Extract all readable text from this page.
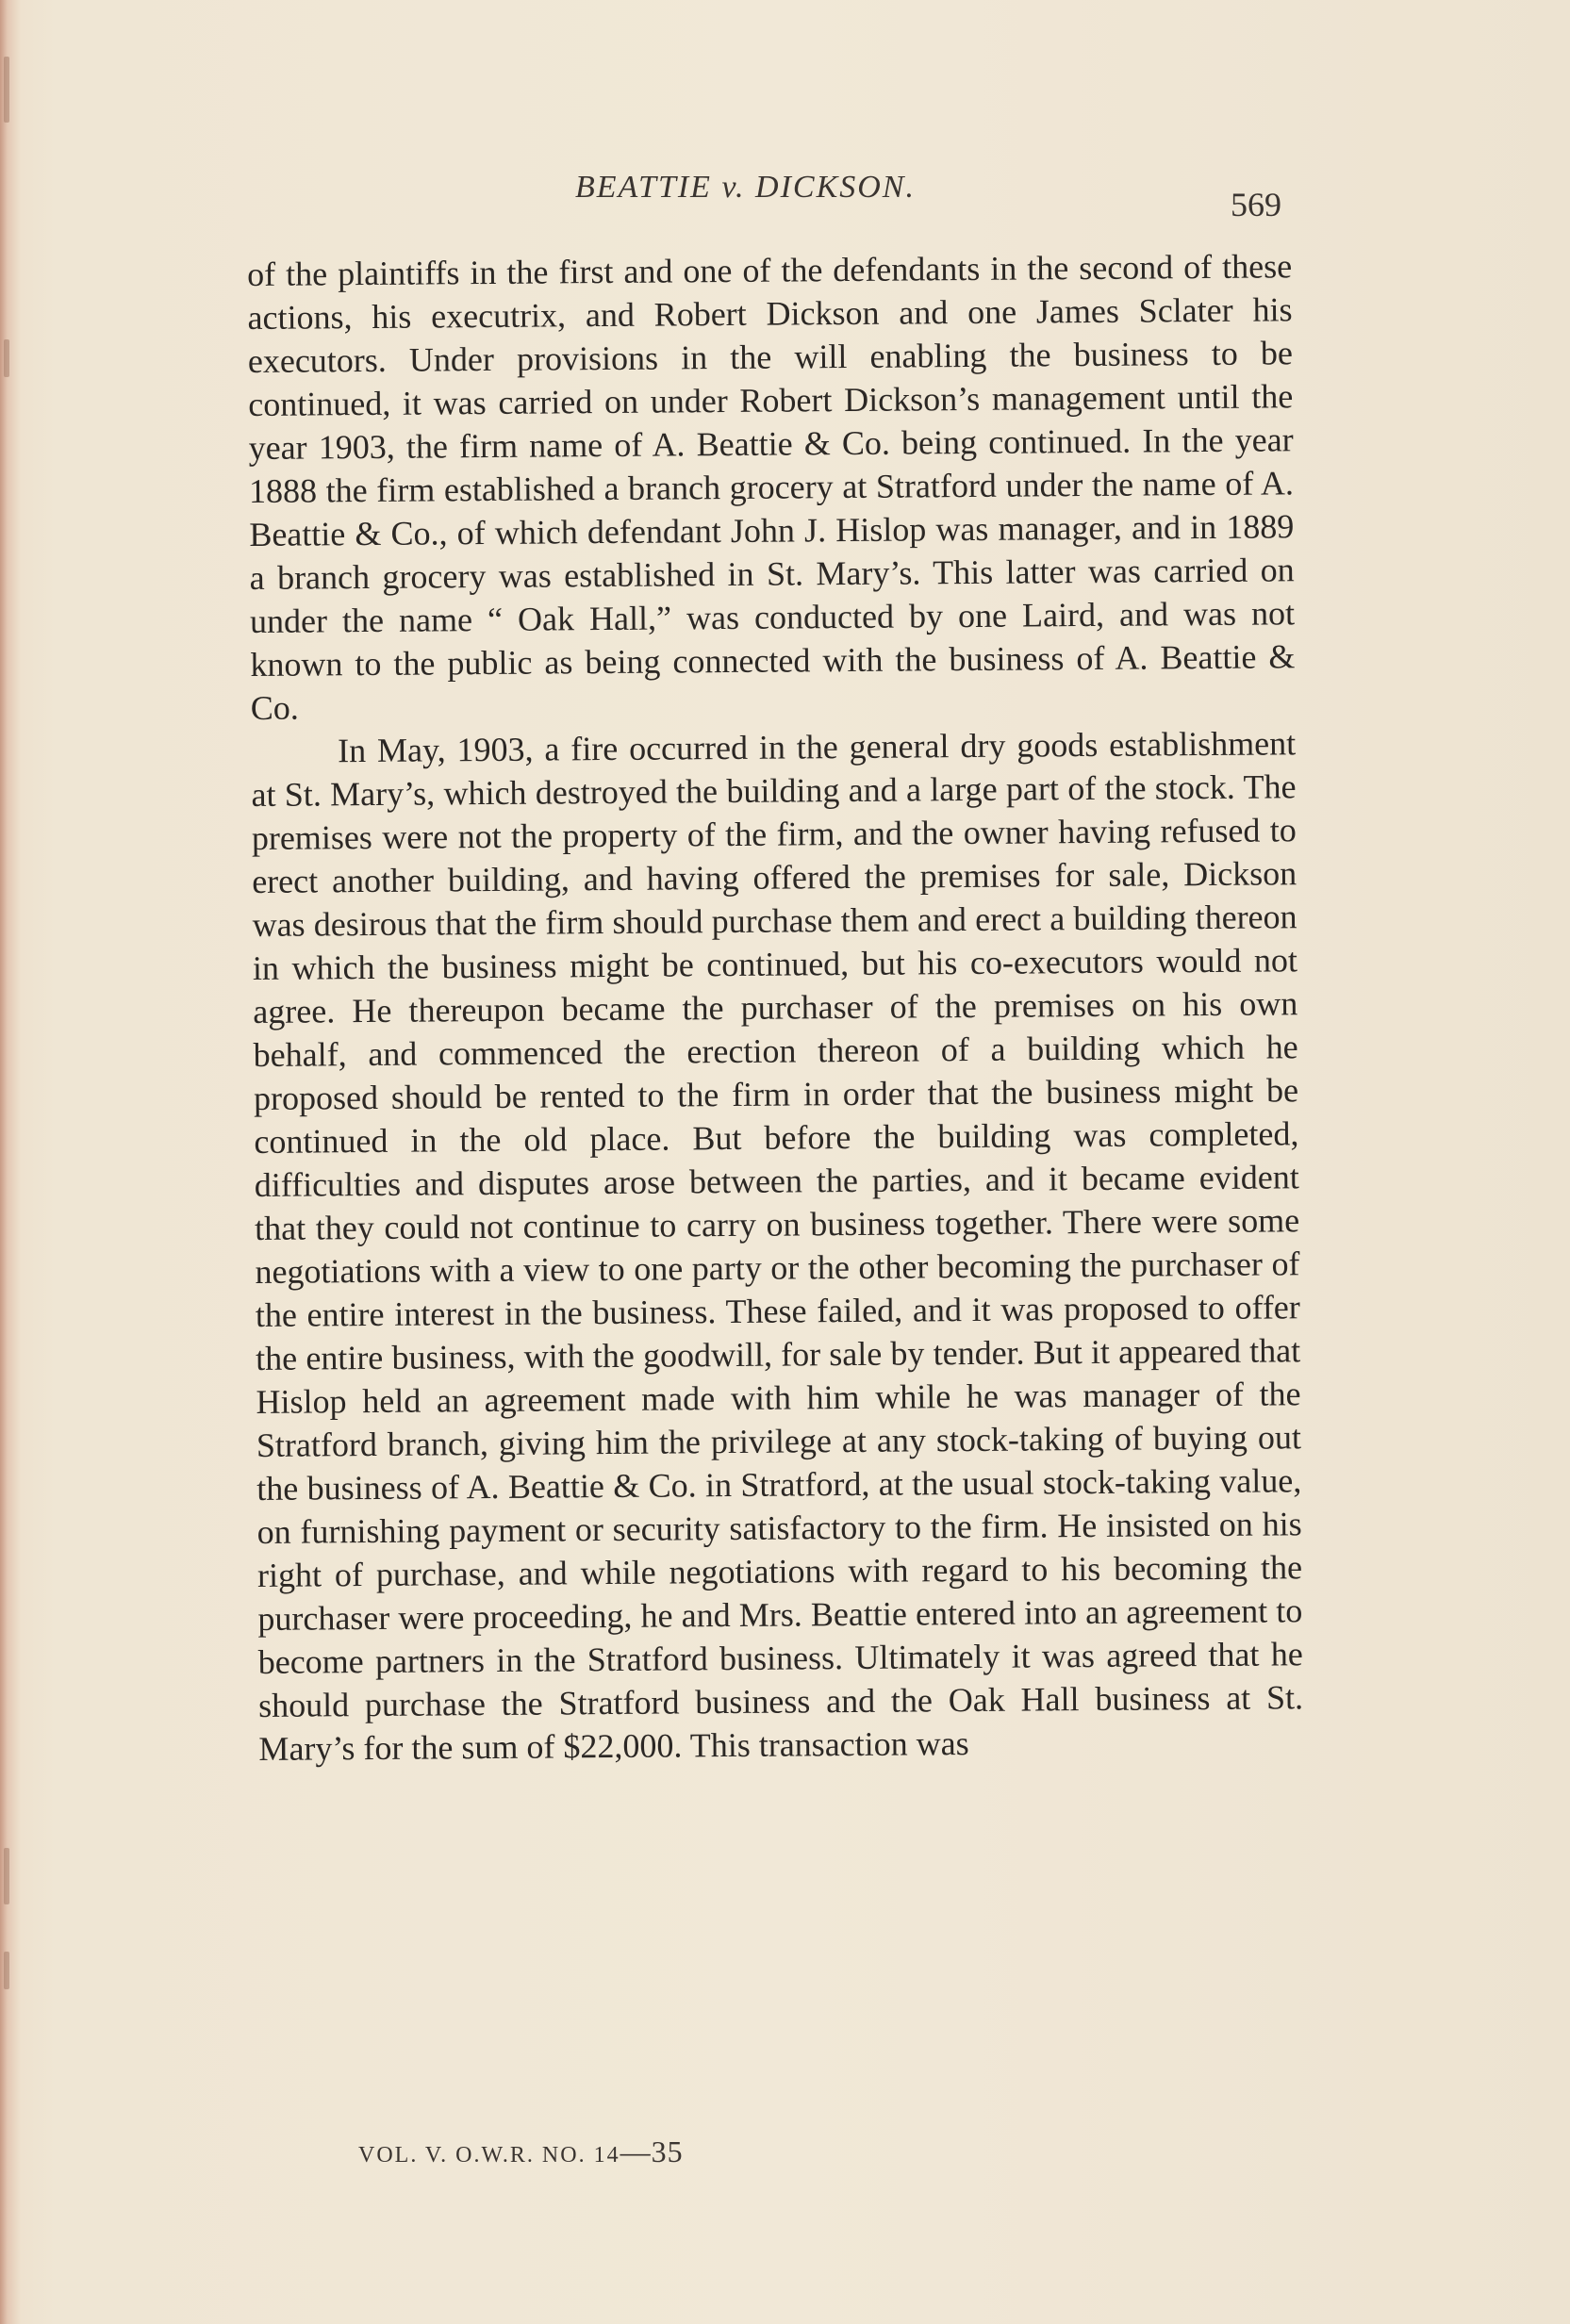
BEATTIE v. DICKSON.	569

of the plaintiffs in the first and one of the defendants in the second of these actions, his executrix, and Robert Dickson and one James Sclater his executors. Under provisions in the will enabling the business to be continued, it was carried on under Robert Dickson’s management until the year 1903, the firm name of A. Beattie & Co. being continued. In the year 1888 the firm established a branch grocery at Stratford under the name of A. Beattie & Co., of which defendant John J. Hislop was manager, and in 1889 a branch grocery was established in St. Mary’s. This latter was carried on under the name “ Oak Hall,” was conducted by one Laird, and was not known to the public as being connected with the business of A. Beattie & Co.

In May, 1903, a fire occurred in the general dry goods establishment at St. Mary’s, which destroyed the building and a large part of the stock. The premises were not the property of the firm, and the owner having refused to erect another building, and having offered the premises for sale, Dickson was desirous that the firm should purchase them and erect a building thereon in which the business might be continued, but his co-executors would not agree. He thereupon became the purchaser of the premises on his own behalf, and commenced the erection thereon of a building which he proposed should be rented to the firm in order that the business might be continued in the old place. But before the building was completed, difficulties and disputes arose between the parties, and it became evident that they could not continue to carry on business together. There were some negotiations with a view to one party or the other becoming the purchaser of the entire interest in the business. These failed, and it was proposed to offer the entire business, with the goodwill, for sale by tender. But it appeared that Hislop held an agreement made with him while he was manager of the Stratford branch, giving him the privilege at any stock-taking of buying out the business of A. Beattie & Co. in Stratford, at the usual stock-taking value, on furnishing payment or security satisfactory to the firm. He insisted on his right of purchase, and while negotiations with regard to his becoming the purchaser were proceeding, he and Mrs. Beattie entered into an agreement to become partners in the Stratford business. Ultimately it was agreed that he should purchase the Stratford business and the Oak Hall business at St. Mary’s for the sum of $22,000. This transaction was

VOL. V. O.W.R. NO. 14—35
